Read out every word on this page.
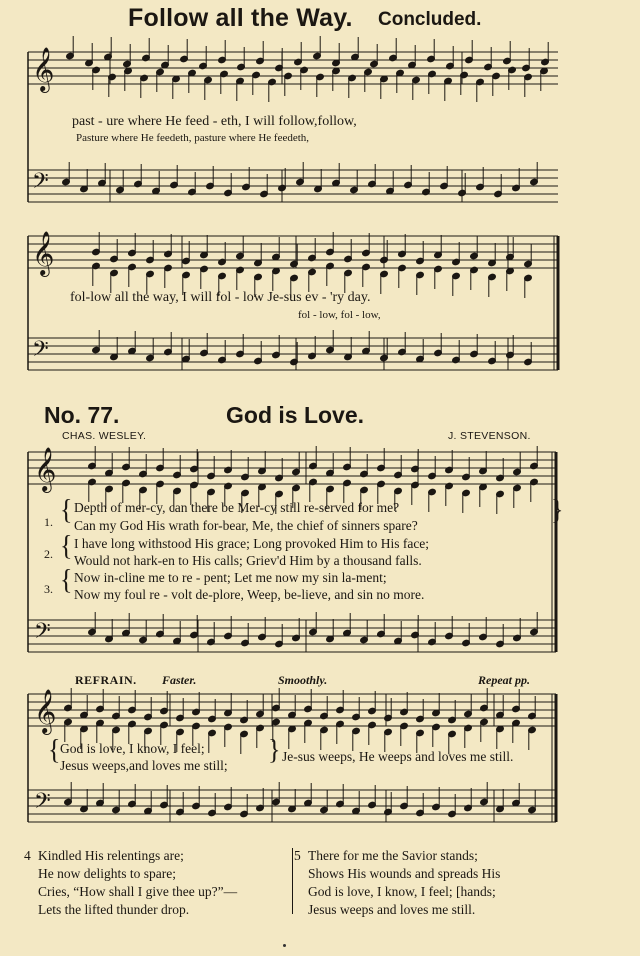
𝄞
𝄢
𝄞
𝄢
𝄞
𝄢
𝄞
𝄢
Follow all the Way. Concluded.
past - ure where He feed - eth, I will follow,follow,
Pasture where He feedeth, pasture where He feedeth,
fol-low all the way, I will fol - low Je-sus ev - 'ry day.
fol - low, fol - low,
No. 77.	God is Love.
CHAS. WESLEY.	J. STEVENSON.
1. { Depth of mer-cy, can there be Mer-cy still re-served for me?
Can my God His wrath for-bear, Me, the chief of sinners spare?
}
2. { I have long withstood His grace; Long provoked Him to His face;
Would not hark-en to His calls; Griev'd Him by a thousand falls.
3. { Now in-cline me to re - pent; Let me now my sin la-ment;
Now my foul re - volt de-plore, Weep, be-lieve, and sin no more.
REFRAIN. Faster.	Smoothly.	Repeat pp.
{ God is love, I know, I feel;
Jesus weeps,and loves me still;
} Je-sus weeps, He weeps and loves me still.
4 Kindled His relentings are;
He now delights to spare;
Cries, “How shall I give thee up?”—
Lets the lifted thunder drop.
5 There for me the Savior stands;
Shows His wounds and spreads His
God is love, I know, I feel; [hands;
Jesus weeps and loves me still.
